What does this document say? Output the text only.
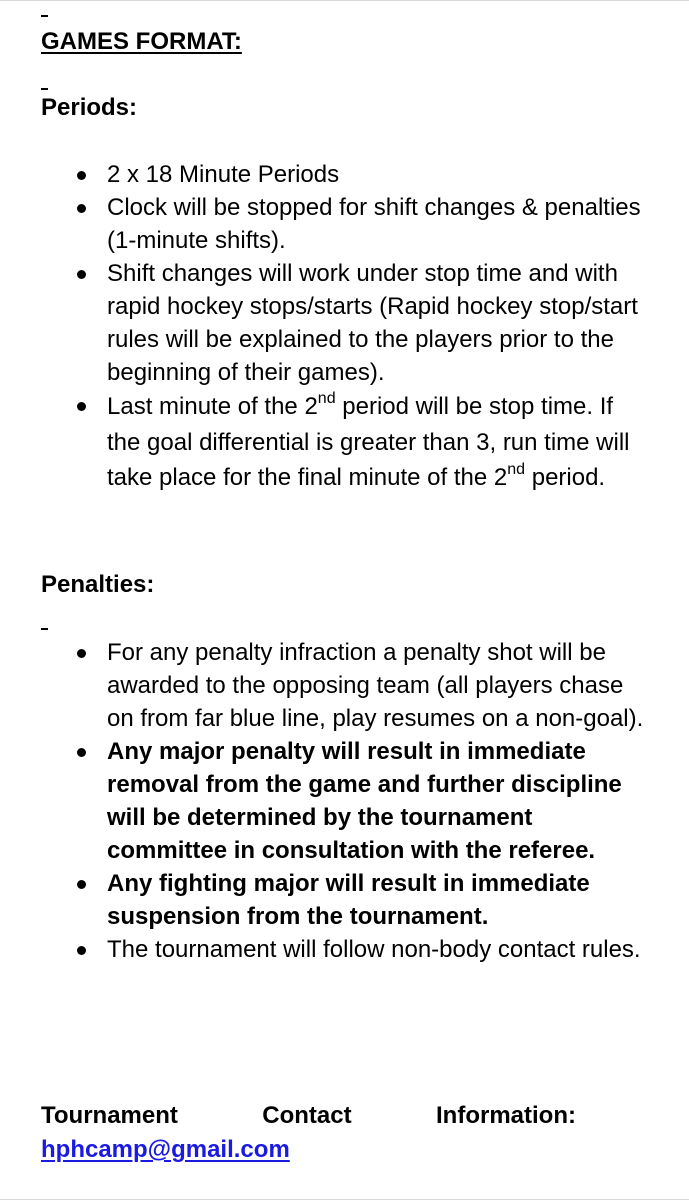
GAMES FORMAT:
Periods:
2 x 18 Minute Periods
Clock will be stopped for shift changes & penalties (1-minute shifts).
Shift changes will work under stop time and with rapid hockey stops/starts (Rapid hockey stop/start rules will be explained to the players prior to the beginning of their games).
Last minute of the 2nd period will be stop time. If the goal differential is greater than 3, run time will take place for the final minute of the 2nd period.
Penalties:
For any penalty infraction a penalty shot will be awarded to the opposing team (all players chase on from far blue line, play resumes on a non-goal).
Any major penalty will result in immediate removal from the game and further discipline will be determined by the tournament committee in consultation with the referee.
Any fighting major will result in immediate suspension from the tournament.
The tournament will follow non-body contact rules.
Tournament	Contact	Information:
hphcamp@gmail.com
